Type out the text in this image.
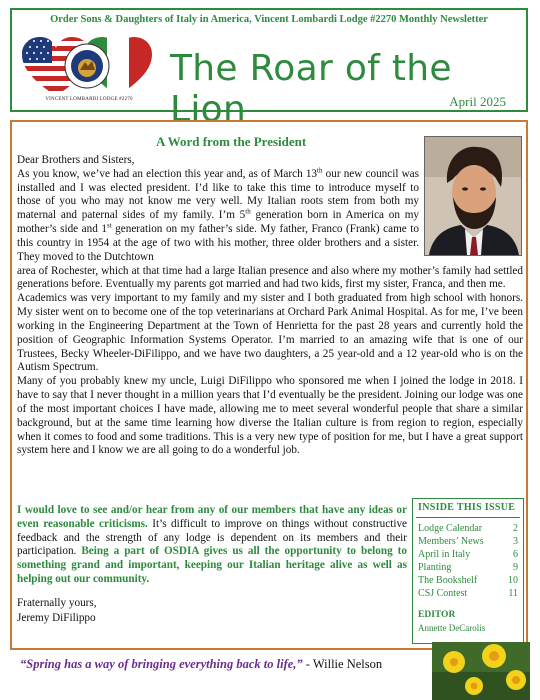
Order Sons & Daughters of Italy in America, Vincent Lombardi Lodge #2270 Monthly Newsletter
VINCENT LOMBARDI LODGE #2270
The Roar of the Lion	April 2025
A Word from the President

Dear Brothers and Sisters,

As you know, we’ve had an election this year and, as of March 13th our new council was installed and I was elected president. I’d like to take this time to introduce myself to those of you who may not know me very well. My Italian roots stem from both my maternal and paternal sides of my family. I’m 5th generation born in America on my mother’s side and 1st generation on my father’s side. My father, Franco (Frank) came to this country in 1954 at the age of two with his mother, three older brothers and a sister. They moved to the Dutchtown

area of Rochester, which at that time had a large Italian presence and also where my mother’s family had settled generations before. Eventually my parents got married and had two kids, first my sister, Franca, and then me.

Academics was very important to my family and my sister and I both graduated from high school with honors. My sister went on to become one of the top veterinarians at Orchard Park Animal Hospital. As for me, I’ve been working in the Engineering Department at the Town of Henrietta for the past 28 years and currently hold the position of Geographic Information Systems Operator. I’m married to an amazing wife that is one of our Trustees, Becky Wheeler-DiFilippo, and we have two daughters, a 25 year-old and a 12 year-old who is on the Autism Spectrum.

Many of you probably knew my uncle, Luigi DiFilippo who sponsored me when I joined the lodge in 2018. I have to say that I never thought in a million years that I’d eventually be the president. Joining our lodge was one of the most important choices I have made, allowing me to meet several wonderful people that share a similar background, but at the same time learning how diverse the Italian culture is from region to region, especially when it comes to food and some traditions. This is a very new type of position for me, but I have a great support system here and I know we are all going to do a wonderful job.

I would love to see and/or hear from any of our members that have any ideas or even reasonable criticisms. It’s difficult to improve on things without constructive feedback and the strength of any lodge is dependent on its members and their participation. Being a part of OSDIA gives us all the opportunity to belong to something grand and important, keeping our Italian heritage alive as well as helping out our community.
Fraternally yours,
Jeremy DiFilippo
INSIDE THIS ISSUE
Lodge Calendar	2
Members’ News	3
April in Italy	6
Planting	9
The Bookshelf	10
CSJ Contest	11
EDITOR
Annette DeCarolis
“Spring has a way of bringing everything back to life,” - Willie Nelson
